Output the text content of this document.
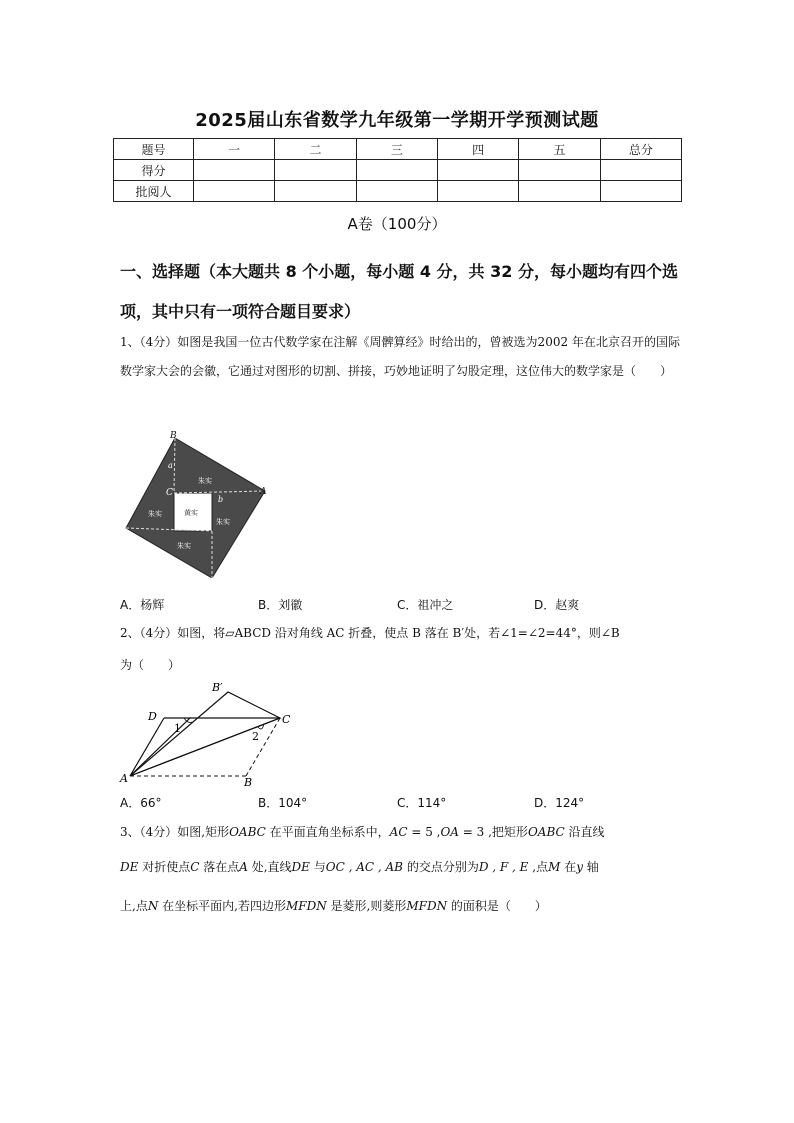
2025届山东省数学九年级第一学期开学预测试题
题号	一	二	三	四	五	总分
得分						
批阅人						
A卷（100分）
一、选择题（本大题共 8 个小题，每小题 4 分，共 32 分，每小题均有四个选项，其中只有一项符合题目要求）
1、（4分）如图是我国一位古代数学家在注解《周髀算经》时给出的，曾被选为2002 年在北京召开的国际数学家大会的会徽，它通过对图形的切割、拼接，巧妙地证明了勾股定理，这位伟大的数学家是（　　）
B
A
C
c
a
b
黄实
朱实
朱实
朱实
朱实
A．杨辉	B．刘徽	C．祖冲之	D．赵爽
2、（4分）如图，将▱ABCD 沿对角线 AC 折叠，使点 B 落在 B′处，若∠1=∠2=44°，则∠B
为（　　）
B′
D	C
A	B
1
2
A．66°	B．104°	C．114°	D．124°
3、（4分）如图,矩形OABC 在平面直角坐标系中，AC = 5 ,OA = 3 ,把矩形OABC 沿直线
DE 对折使点C 落在点A 处,直线DE 与OC , AC , AB 的交点分别为D , F , E ,点M 在y 轴
上,点N 在坐标平面内,若四边形MFDN 是菱形,则菱形MFDN 的面积是（　　）
